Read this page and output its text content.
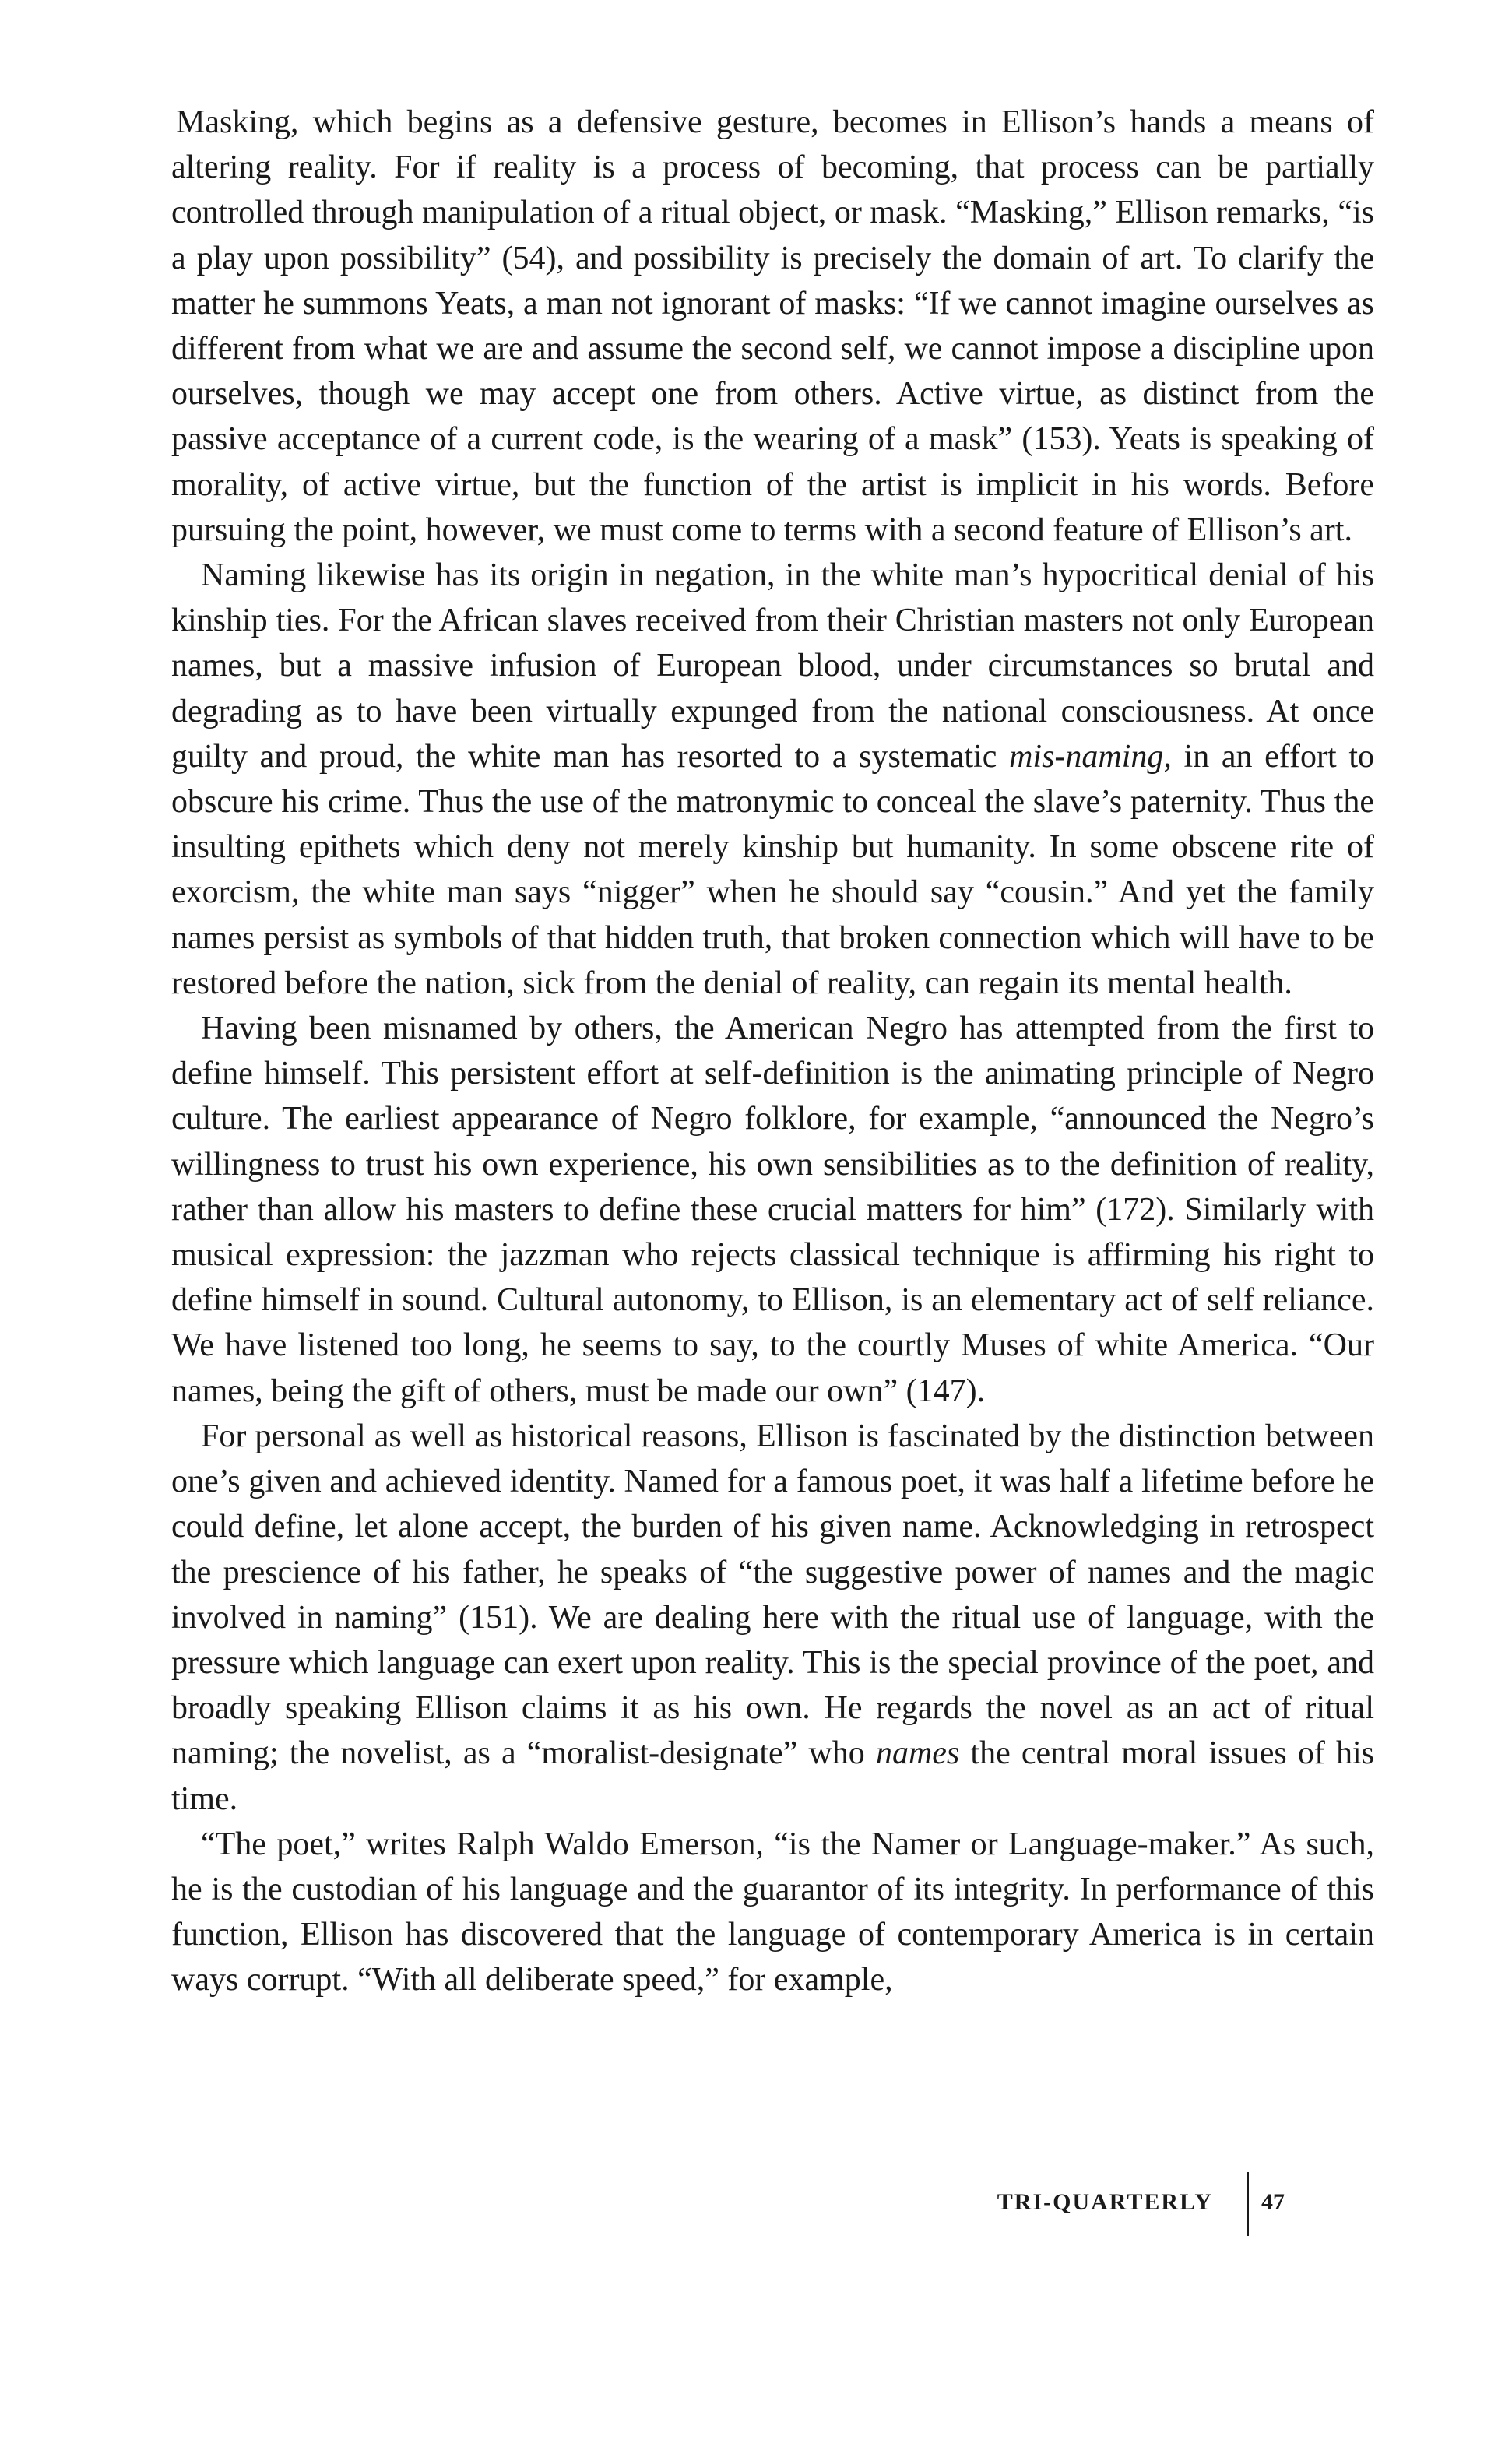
Masking, which begins as a defensive gesture, becomes in Ellison’s hands a means of altering reality. For if reality is a process of becoming, that process can be partially controlled through manipulation of a ritual object, or mask. “Masking,” Ellison remarks, “is a play upon possibility” (54), and possibility is precisely the domain of art. To clarify the matter he summons Yeats, a man not ignorant of masks: “If we cannot imagine ourselves as different from what we are and assume the second self, we cannot impose a discipline upon ourselves, though we may accept one from others. Active virtue, as distinct from the passive acceptance of a current code, is the wearing of a mask” (153). Yeats is speaking of morality, of active virtue, but the function of the artist is implicit in his words. Before pursuing the point, however, we must come to terms with a second feature of Ellison’s art.

Naming likewise has its origin in negation, in the white man’s hypocritical denial of his kinship ties. For the African slaves received from their Christian masters not only European names, but a massive infusion of European blood, under circumstances so brutal and degrading as to have been virtually expunged from the national consciousness. At once guilty and proud, the white man has resorted to a systematic mis-naming, in an effort to obscure his crime. Thus the use of the matronymic to conceal the slave’s paternity. Thus the insulting epithets which deny not merely kinship but humanity. In some obscene rite of exorcism, the white man says “nigger” when he should say “cousin.” And yet the family names persist as symbols of that hidden truth, that broken connection which will have to be restored before the nation, sick from the denial of reality, can regain its mental health.

Having been misnamed by others, the American Negro has attempted from the first to define himself. This persistent effort at self-definition is the animating principle of Negro culture. The earliest appearance of Negro folklore, for example, “announced the Negro’s willingness to trust his own experience, his own sensibilities as to the definition of reality, rather than allow his masters to define these crucial matters for him” (172). Similarly with musical expression: the jazzman who rejects classical technique is affirming his right to define himself in sound. Cultural autonomy, to Ellison, is an elementary act of self reliance. We have listened too long, he seems to say, to the courtly Muses of white America. “Our names, being the gift of others, must be made our own” (147).

For personal as well as historical reasons, Ellison is fascinated by the distinction between one’s given and achieved identity. Named for a famous poet, it was half a lifetime before he could define, let alone accept, the burden of his given name. Acknowledging in retrospect the prescience of his father, he speaks of “the suggestive power of names and the magic involved in naming” (151). We are dealing here with the ritual use of language, with the pressure which language can exert upon reality. This is the special province of the poet, and broadly speaking Ellison claims it as his own. He regards the novel as an act of ritual naming; the novelist, as a “moralist-designate” who names the central moral issues of his time.

“The poet,” writes Ralph Waldo Emerson, “is the Namer or Language-maker.” As such, he is the custodian of his language and the guarantor of its integrity. In performance of this function, Ellison has discovered that the language of contemporary America is in certain ways corrupt. “With all deliberate speed,” for example,

TRI-QUARTERLY 47
